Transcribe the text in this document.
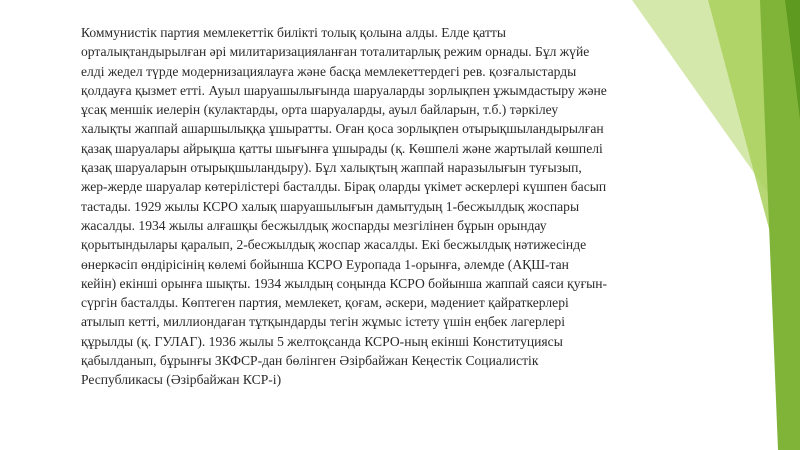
Коммунистік партия мемлекеттік билікті толық қолына алды. Елде қатты
орталықтандырылған әрі милитаризацияланған тоталитарлық режим орнады. Бұл жүйе
елді жедел түрде модернизациялауға және басқа мемлекеттердегі рев. қозғалыстарды
қолдауға қызмет етті. Ауыл шаруашылығында шаруаларды зорлықпен ұжымдастыру және
ұсақ меншік иелерін (кулактарды, орта шаруаларды, ауыл байларын, т.б.) тәркілеу
халықты жаппай ашаршылыққа ұшыратты. Оған қоса зорлықпен отырықшыландырылған
қазақ шаруалары айрықша қатты шығынға ұшырады (қ. Көшпелі және жартылай көшпелі
қазақ шаруаларын отырықшыландыру). Бұл халықтың жаппай наразылығын туғызып,
жер-жерде шаруалар көтерілістері басталды. Бірақ оларды үкімет әскерлері күшпен басып
тастады. 1929 жылы КСРО халық шаруашылығын дамытудың 1-бесжылдық жоспары
жасалды. 1934 жылы алғашқы бесжылдық жоспарды мезгілінен бұрын орындау
қорытындылары қаралып, 2-бесжылдық жоспар жасалды. Екі бесжылдық нәтижесінде
өнеркәсіп өндірісінің көлемі бойынша КСРО Еуропада 1-орынға, әлемде (АҚШ-тан
кейін) екінші орынға шықты. 1934 жылдың соңында КСРО бойынша жаппай саяси қуғын-
сүргін басталды. Көптеген партия, мемлекет, қоғам, әскери, мәдениет қайраткерлері
атылып кетті, миллиондаған тұтқындарды тегін жұмыс істету үшін еңбек лагерлері
құрылды (қ. ГУЛАГ). 1936 жылы 5 желтоқсанда КСРО-ның екінші Конституциясы
қабылданып, бұрынғы ЗКФСР-дан бөлінген Әзірбайжан Кеңестік Социалистік
Республикасы (Әзірбайжан КСР-і)
